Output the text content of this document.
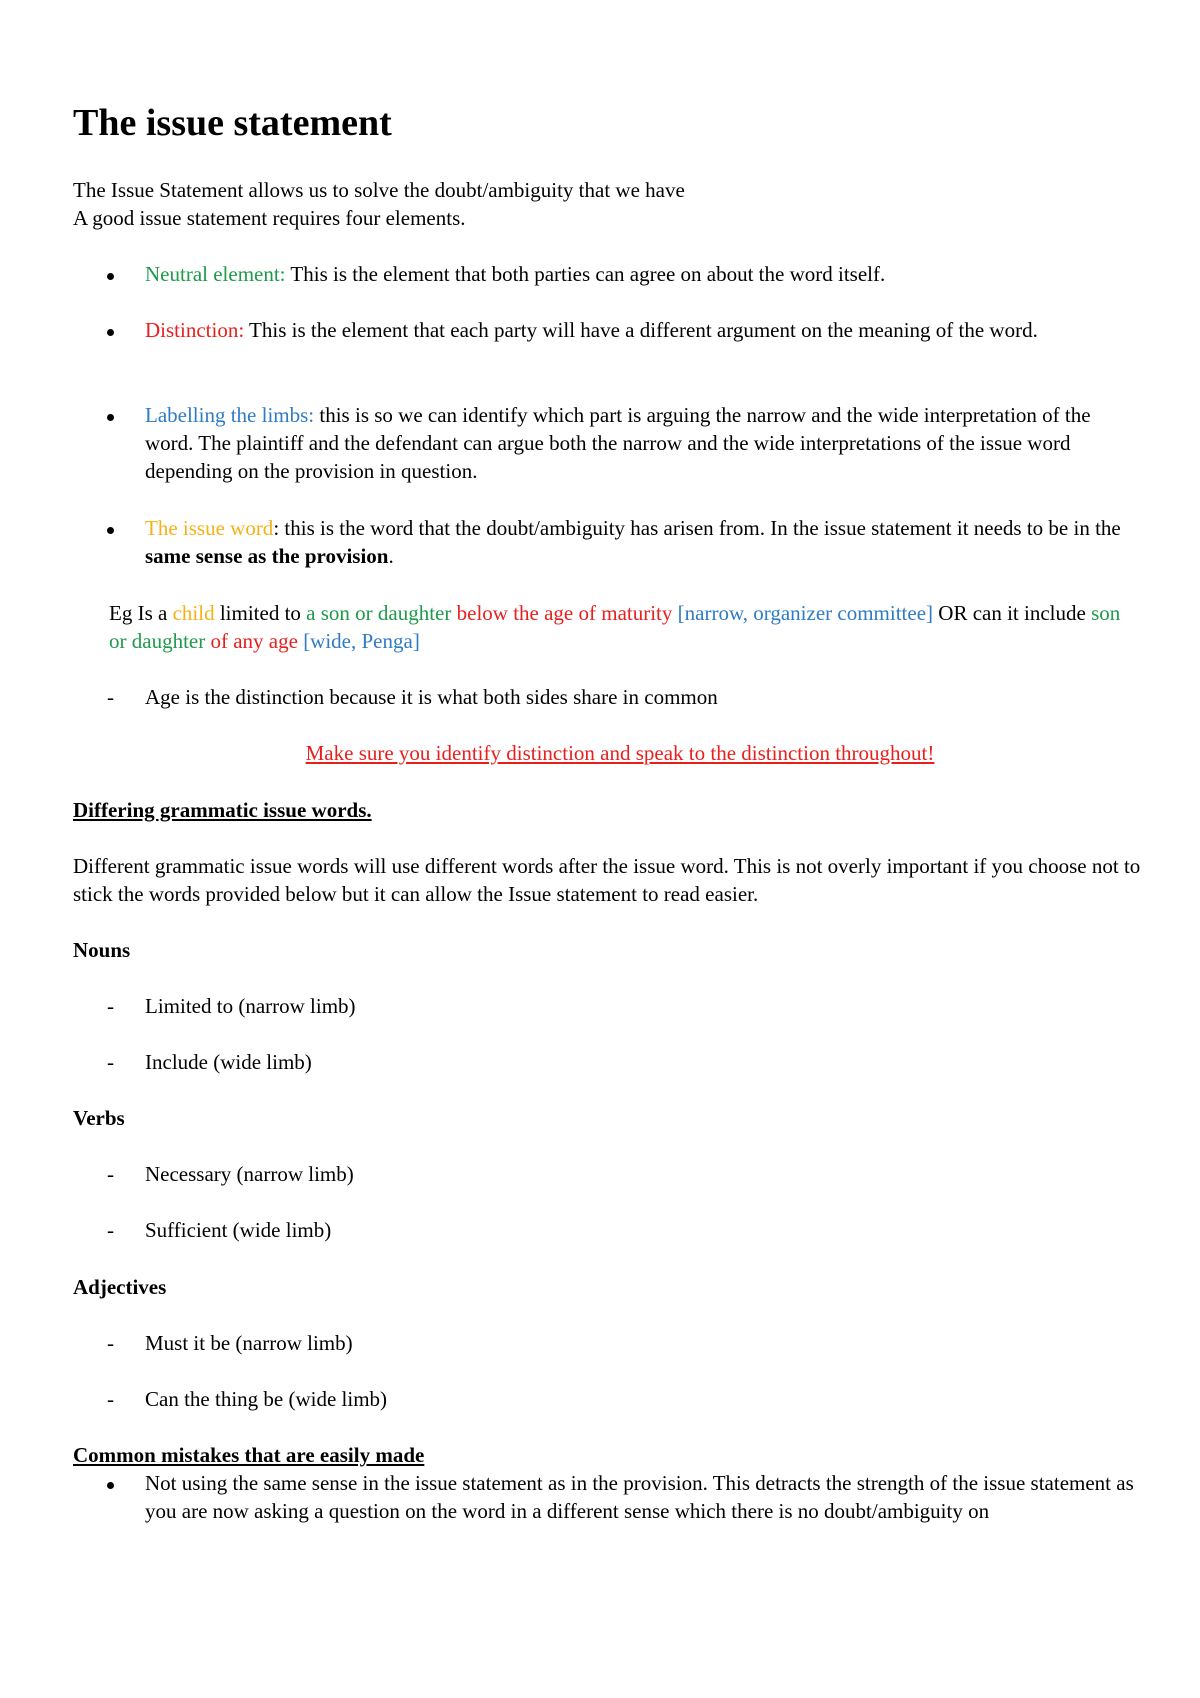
The issue statement
The Issue Statement allows us to solve the doubt/ambiguity that we have
A good issue statement requires four elements.
Neutral element: This is the element that both parties can agree on about the word itself.
Distinction: This is the element that each party will have a different argument on the meaning of the word.
Labelling the limbs: this is so we can identify which part is arguing the narrow and the wide interpretation of the word. The plaintiff and the defendant can argue both the narrow and the wide interpretations of the issue word depending on the provision in question.
The issue word: this is the word that the doubt/ambiguity has arisen from. In the issue statement it needs to be in the same sense as the provision.
Eg Is a child limited to a son or daughter below the age of maturity [narrow, organizer committee] OR can it include son or daughter of any age [wide, Penga]
- Age is the distinction because it is what both sides share in common
Make sure you identify distinction and speak to the distinction throughout!
Differing grammatic issue words.
Different grammatic issue words will use different words after the issue word. This is not overly important if you choose not to stick the words provided below but it can allow the Issue statement to read easier.
Nouns
- Limited to (narrow limb)
- Include (wide limb)
Verbs
- Necessary (narrow limb)
- Sufficient (wide limb)
Adjectives
- Must it be (narrow limb)
- Can the thing be (wide limb)
Common mistakes that are easily made
Not using the same sense in the issue statement as in the provision. This detracts the strength of the issue statement as you are now asking a question on the word in a different sense which there is no doubt/ambiguity on
